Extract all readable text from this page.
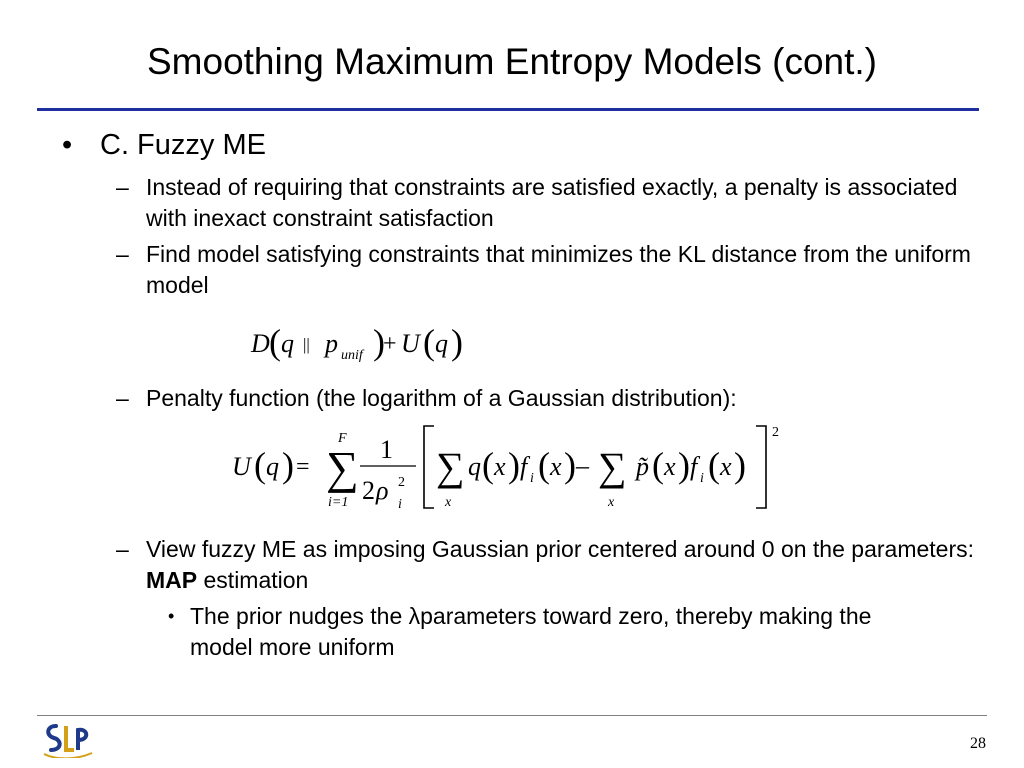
Smoothing Maximum Entropy Models (cont.)
• C. Fuzzy ME
– Instead of requiring that constraints are satisfied exactly, a penalty is associated with inexact constraint satisfaction
– Find model satisfying constraints that minimizes the KL distance from the uniform model
D ( q || p unif )
+ U ( q )
– Penalty function (the logarithm of a Gaussian distribution):
U ( q ) =
F
∑
i=1
1
2 ρ 2
i
∑
x
q ( x ) f i ( x ) – ∑
x
p̃ ( x ) f i ( x )
2
– View fuzzy ME as imposing Gaussian prior centered around 0 on the parameters: MAP estimation
• The prior nudges the λparameters toward zero, thereby making the model more uniform
28
